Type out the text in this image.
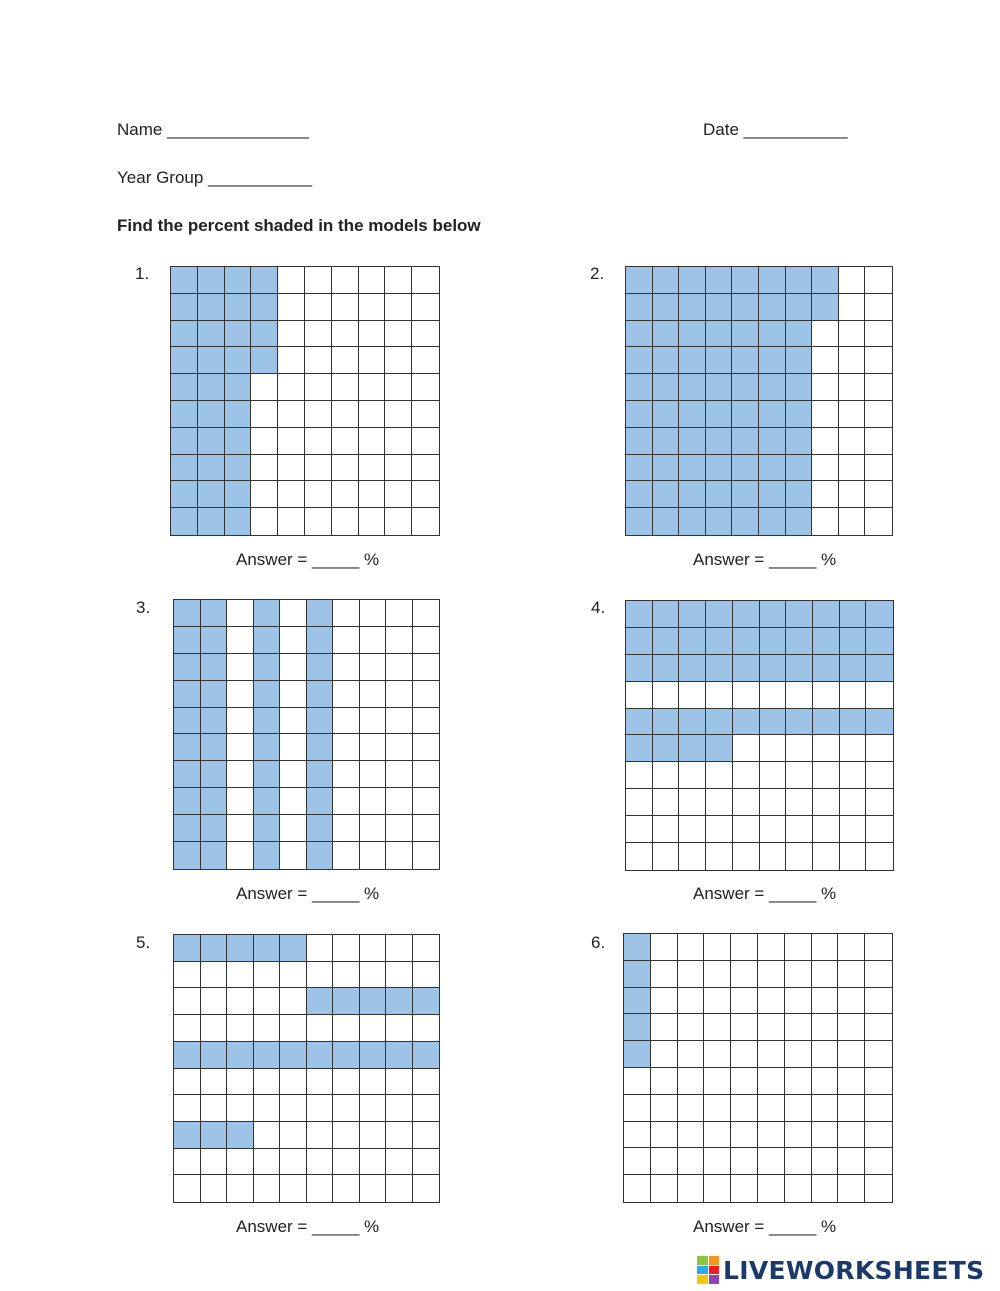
Name _______________	Date ___________
Year Group ___________
Find the percent shaded in the models below
1.
Answer = _____ %
2.
Answer = _____ %
3.
Answer = _____ %
4.
Answer = _____ %
5.
Answer = _____ %
6.
Answer = _____ %
LIVEWORKSHEETS
